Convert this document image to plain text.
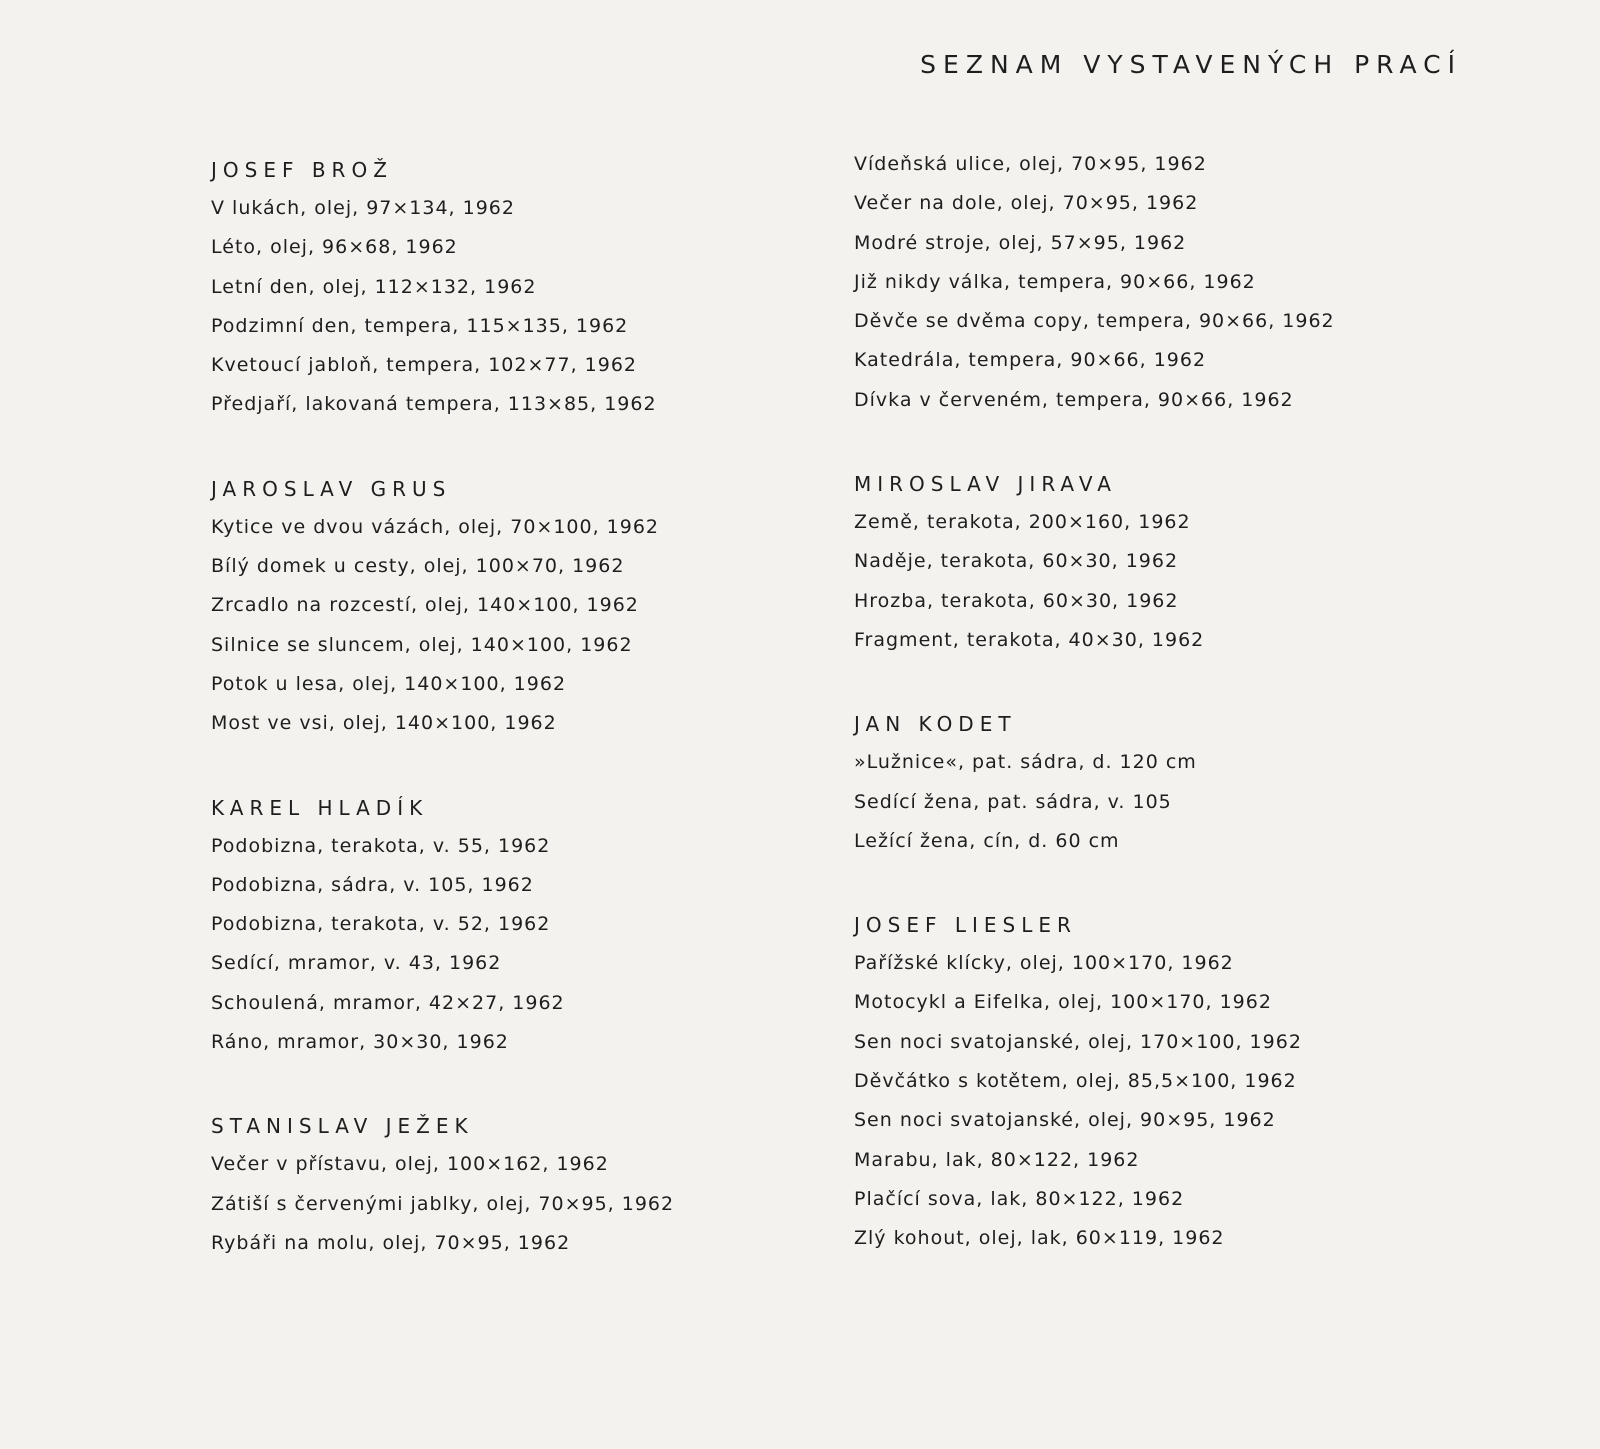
SEZNAM VYSTAVENÝCH PRACÍ
JOSEF BROŽ
V lukách, olej, 97×134, 1962
Léto, olej, 96×68, 1962
Letní den, olej, 112×132, 1962
Podzimní den, tempera, 115×135, 1962
Kvetoucí jabloň, tempera, 102×77, 1962
Předjaří, lakovaná tempera, 113×85, 1962
JAROSLAV GRUS
Kytice ve dvou vázách, olej, 70×100, 1962
Bílý domek u cesty, olej, 100×70, 1962
Zrcadlo na rozcestí, olej, 140×100, 1962
Silnice se sluncem, olej, 140×100, 1962
Potok u lesa, olej, 140×100, 1962
Most ve vsi, olej, 140×100, 1962
KAREL HLADÍK
Podobizna, terakota, v. 55, 1962
Podobizna, sádra, v. 105, 1962
Podobizna, terakota, v. 52, 1962
Sedící, mramor, v. 43, 1962
Schoulená, mramor, 42×27, 1962
Ráno, mramor, 30×30, 1962
STANISLAV JEŽEK
Večer v přístavu, olej, 100×162, 1962
Zátiší s červenými jablky, olej, 70×95, 1962
Rybáři na molu, olej, 70×95, 1962
Vídeňská ulice, olej, 70×95, 1962
Večer na dole, olej, 70×95, 1962
Modré stroje, olej, 57×95, 1962
Již nikdy válka, tempera, 90×66, 1962
Děvče se dvěma copy, tempera, 90×66, 1962
Katedrála, tempera, 90×66, 1962
Dívka v červeném, tempera, 90×66, 1962
MIROSLAV JIRAVA
Země, terakota, 200×160, 1962
Naděje, terakota, 60×30, 1962
Hrozba, terakota, 60×30, 1962
Fragment, terakota, 40×30, 1962
JAN KODET
»Lužnice«, pat. sádra, d. 120 cm
Sedící žena, pat. sádra, v. 105
Ležící žena, cín, d. 60 cm
JOSEF LIESLER
Pařížské klícky, olej, 100×170, 1962
Motocykl a Eifelka, olej, 100×170, 1962
Sen noci svatojanské, olej, 170×100, 1962
Děvčátko s kotětem, olej, 85,5×100, 1962
Sen noci svatojanské, olej, 90×95, 1962
Marabu, lak, 80×122, 1962
Plačící sova, lak, 80×122, 1962
Zlý kohout, olej, lak, 60×119, 1962
